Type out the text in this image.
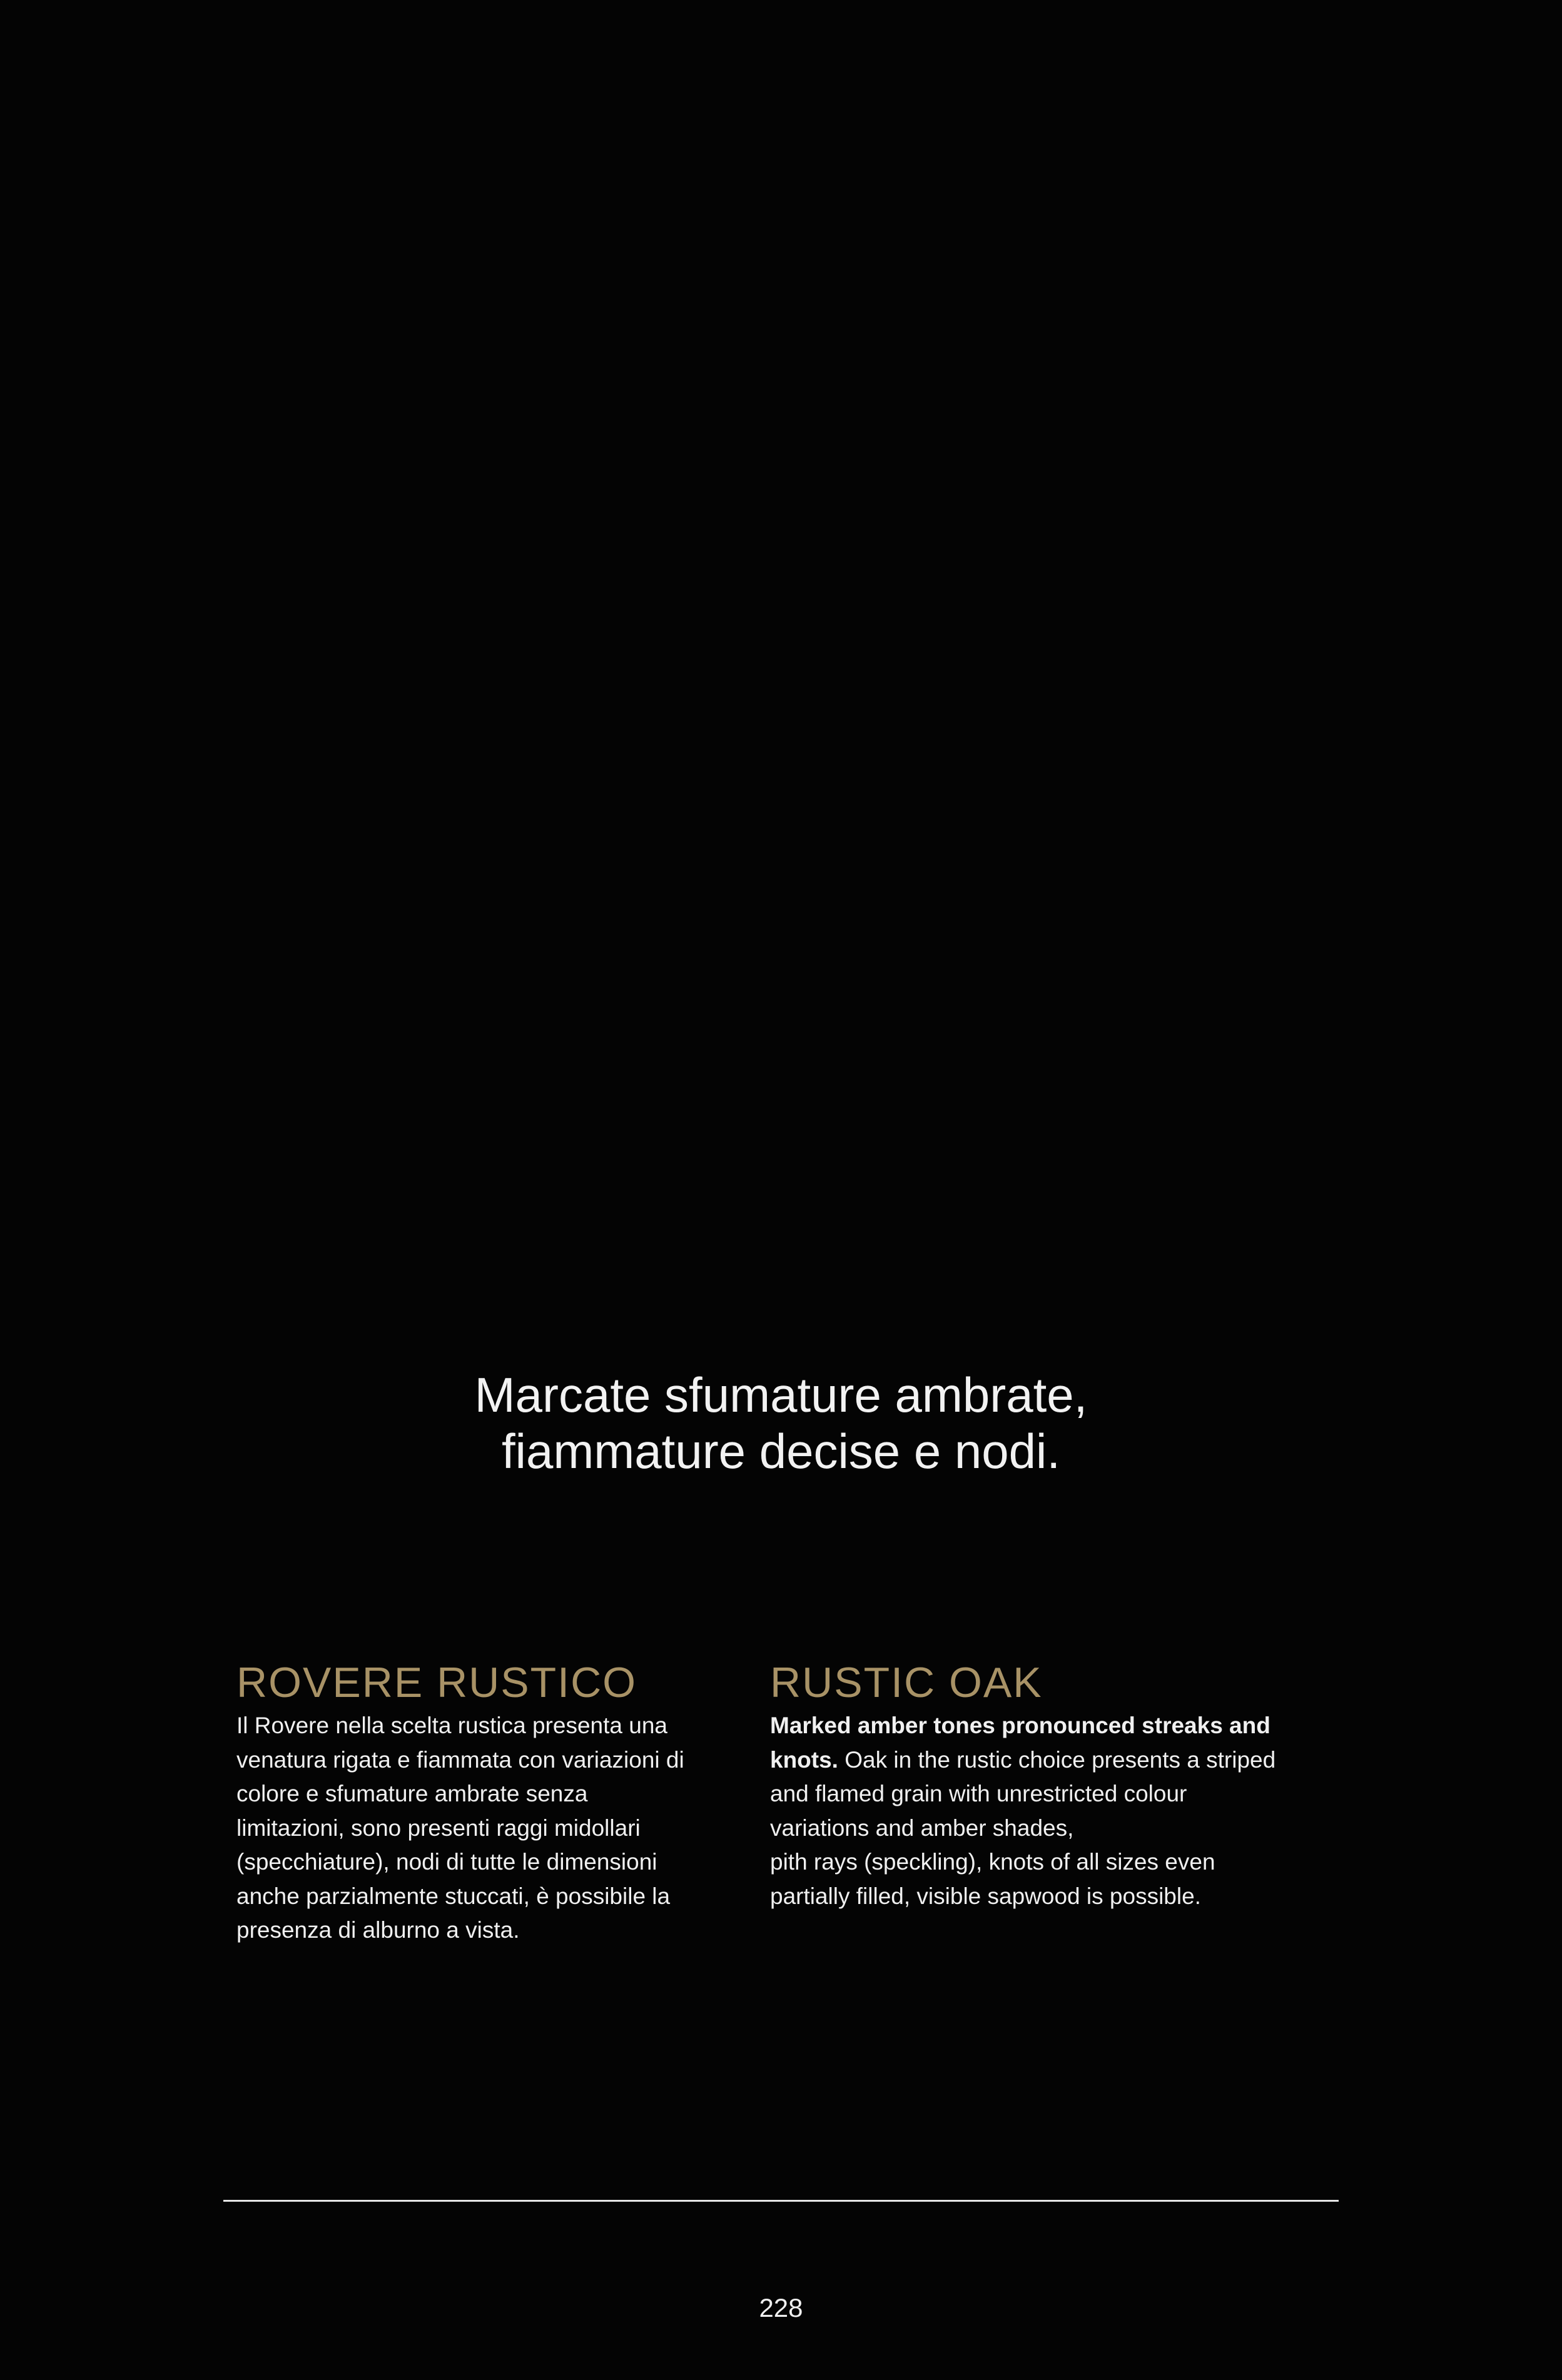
Marcate sfumature ambrate,
fiammature decise e nodi.
ROVERE RUSTICO

Il Rovere nella scelta rustica presenta una venatura rigata e fiammata con variazioni di colore e sfumature ambrate senza limitazioni, sono presenti raggi midollari (specchiature), nodi di tutte le dimensioni anche parzialmente stuccati, è possibile la presenza di alburno a vista.

RUSTIC OAK

Marked amber tones pronounced streaks and knots. Oak in the rustic choice presents a striped and flamed grain with unrestricted colour variations and amber shades,
pith rays (speckling), knots of all sizes even partially filled, visible sapwood is possible.

228
